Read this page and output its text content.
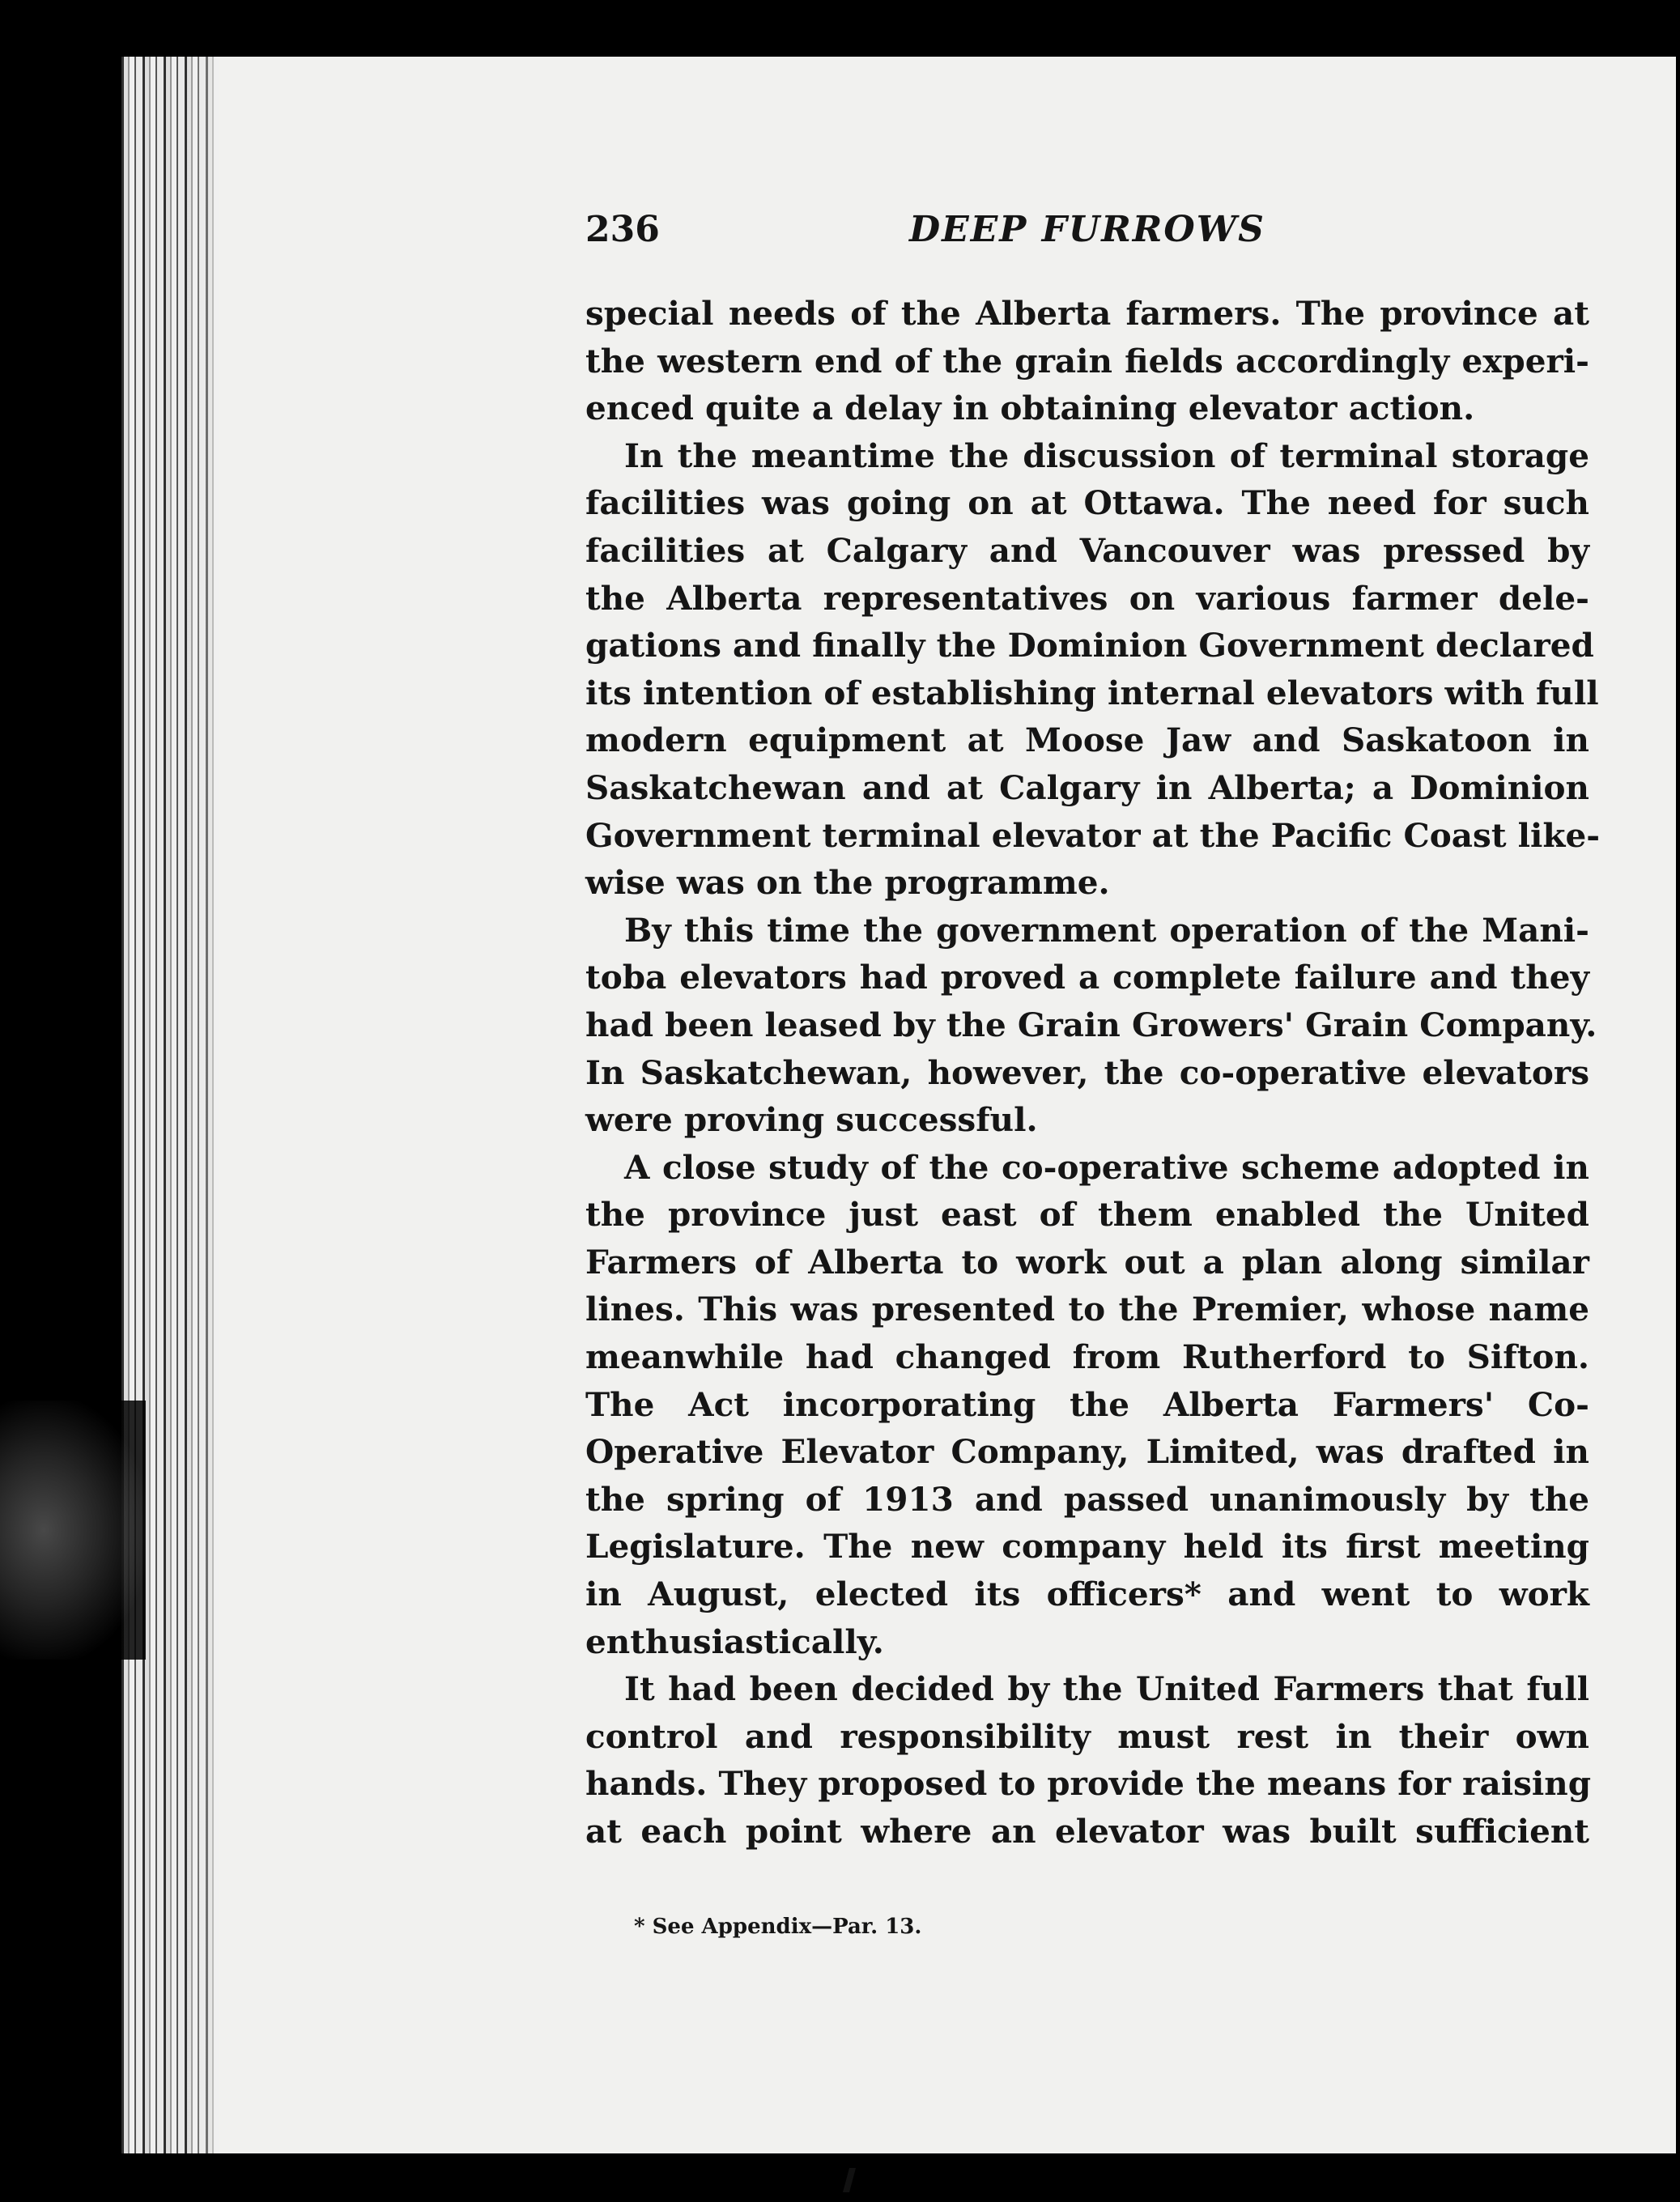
236	DEEP FURROWS
special needs of the Alberta farmers. The province at
the western end of the grain fields accordingly experi-
enced quite a delay in obtaining elevator action.
In the meantime the discussion of terminal storage
facilities was going on at Ottawa. The need for such
facilities at Calgary and Vancouver was pressed by
the Alberta representatives on various farmer dele-
gations and finally the Dominion Government declared
its intention of establishing internal elevators with full
modern equipment at Moose Jaw and Saskatoon in
Saskatchewan and at Calgary in Alberta; a Dominion
Government terminal elevator at the Pacific Coast like-
wise was on the programme.
By this time the government operation of the Mani-
toba elevators had proved a complete failure and they
had been leased by the Grain Growers' Grain Company.
In Saskatchewan, however, the co-operative elevators
were proving successful.
A close study of the co-operative scheme adopted in
the province just east of them enabled the United
Farmers of Alberta to work out a plan along similar
lines. This was presented to the Premier, whose name
meanwhile had changed from Rutherford to Sifton.
The Act incorporating the Alberta Farmers' Co-
Operative Elevator Company, Limited, was drafted in
the spring of 1913 and passed unanimously by the
Legislature. The new company held its first meeting
in August, elected its officers* and went to work
enthusiastically.
It had been decided by the United Farmers that full
control and responsibility must rest in their own
hands. They proposed to provide the means for raising
at each point where an elevator was built sufficient
* See Appendix—Par. 13.
